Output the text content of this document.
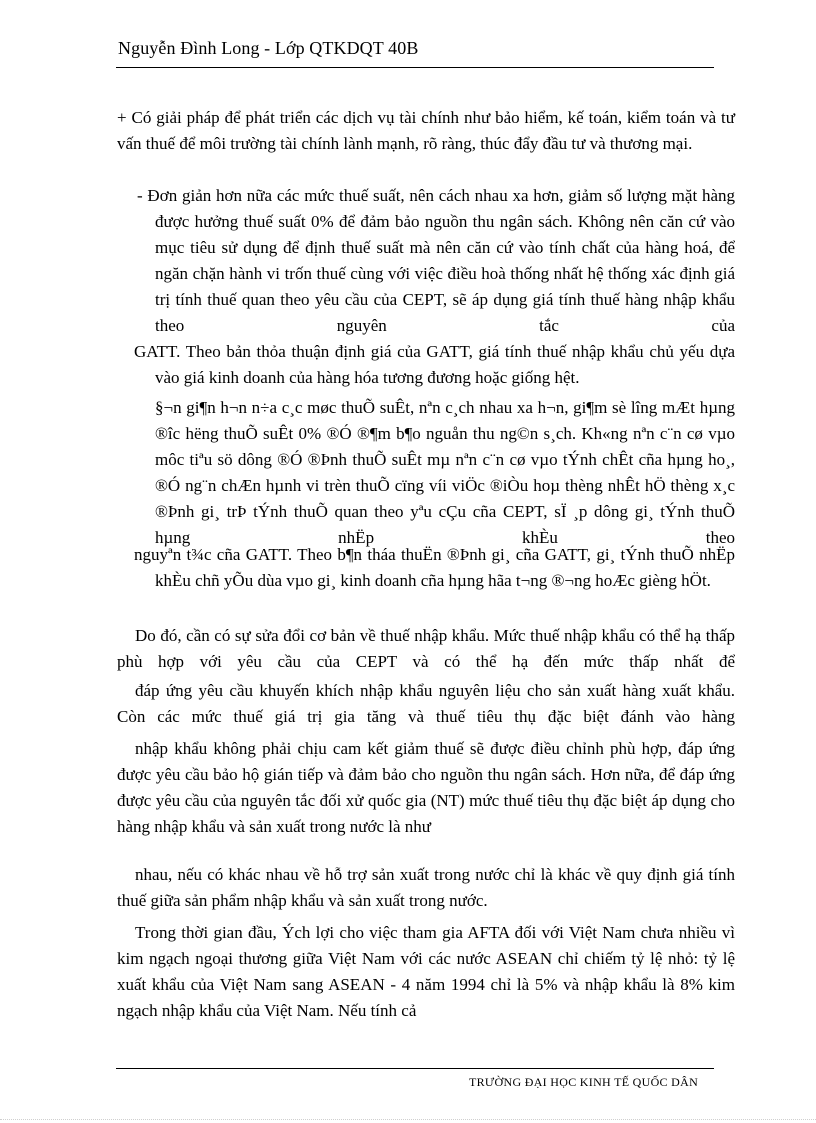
Nguyễn Đình Long - Lớp QTKDQT 40B

+ Có giải pháp để phát triển các dịch vụ tài chính như bảo hiểm, kế toán, kiểm toán và tư vấn thuế để môi trường tài chính lành mạnh, rõ ràng, thúc đẩy đầu tư và thương mại.

- Đơn giản hơn nữa các mức thuế suất, nên cách nhau xa hơn, giảm số lượng mặt hàng được hưởng thuế suất 0% để đảm bảo nguồn thu ngân sách. Không nên căn cứ vào mục tiêu sử dụng để định thuế suất mà nên căn cứ vào tính chất của hàng hoá, để ngăn chặn hành vi trốn thuế cùng với việc điều hoà thống nhất hệ thống xác định giá trị tính thuế quan theo yêu cầu của CEPT, sẽ áp dụng giá tính thuế hàng nhập khẩu theo nguyên tắc của

GATT. Theo bản thỏa thuận định giá của GATT, giá tính thuế nhập khẩu chủ yếu dựa vào giá kinh doanh của hàng hóa tương đương hoặc giống hệt.

§¬n gi¶n h¬n n÷a c¸c møc thuÕ suÊt, nªn c¸ch nhau xa h¬n, gi¶m sè lîng mÆt hµng ®îc hëng thuÕ suÊt 0% ®Ó ®¶m b¶o nguån thu ng©n s¸ch. Kh«ng nªn c¨n cø vµo môc tiªu sö dông ®Ó ®Þnh thuÕ suÊt mµ nªn c¨n cø vµo tÝnh chÊt cña hµng ho¸, ®Ó ng¨n chÆn hµnh vi trèn thuÕ cïng víi viÖc ®iÒu hoµ thèng nhÊt hÖ thèng x¸c ®Þnh gi¸ trÞ tÝnh thuÕ quan theo yªu cÇu cña CEPT, sÏ ¸p dông gi¸ tÝnh thuÕ hµng nhËp khÈu theo

nguyªn t¾c cña GATT. Theo b¶n tháa thuËn ®Þnh gi¸ cña GATT, gi¸ tÝnh thuÕ nhËp khÈu chñ yÕu dùa vµo gi¸ kinh doanh cña hµng hãa t¬ng ®¬ng hoÆc gièng hÖt.

Do đó, cần có sự sửa đổi cơ bản về thuế nhập khẩu. Mức thuế nhập khẩu có thể hạ thấp phù hợp với yêu cầu của CEPT và có thể hạ đến mức thấp nhất để

đáp ứng yêu cầu khuyến khích nhập khẩu nguyên liệu cho sản xuất hàng xuất khẩu. Còn các mức thuế giá trị gia tăng và thuế tiêu thụ đặc biệt đánh vào hàng

nhập khẩu không phải chịu cam kết giảm thuế sẽ được điều chỉnh phù hợp, đáp ứng được yêu cầu bảo hộ gián tiếp và đảm bảo cho nguồn thu ngân sách. Hơn nữa, để đáp ứng được yêu cầu của nguyên tắc đối xử quốc gia (NT) mức thuế tiêu thụ đặc biệt áp dụng cho hàng nhập khẩu và sản xuất trong nước là như

nhau, nếu có khác nhau về hỗ trợ sản xuất trong nước chỉ là khác về quy định giá tính thuế giữa sản phẩm nhập khẩu và sản xuất trong nước.

Trong thời gian đầu, Ých lợi cho việc tham gia AFTA đối với Việt Nam chưa nhiều vì kim ngạch ngoại thương giữa Việt Nam với các nước ASEAN chỉ chiếm tỷ lệ nhỏ: tỷ lệ xuất khẩu của Việt Nam sang ASEAN - 4 năm 1994 chỉ là 5% và nhập khẩu là 8% kim ngạch nhập khẩu của Việt Nam. Nếu tính cả

TRƯỜNG ĐẠI HỌC KINH TẾ QUỐC DÂN
